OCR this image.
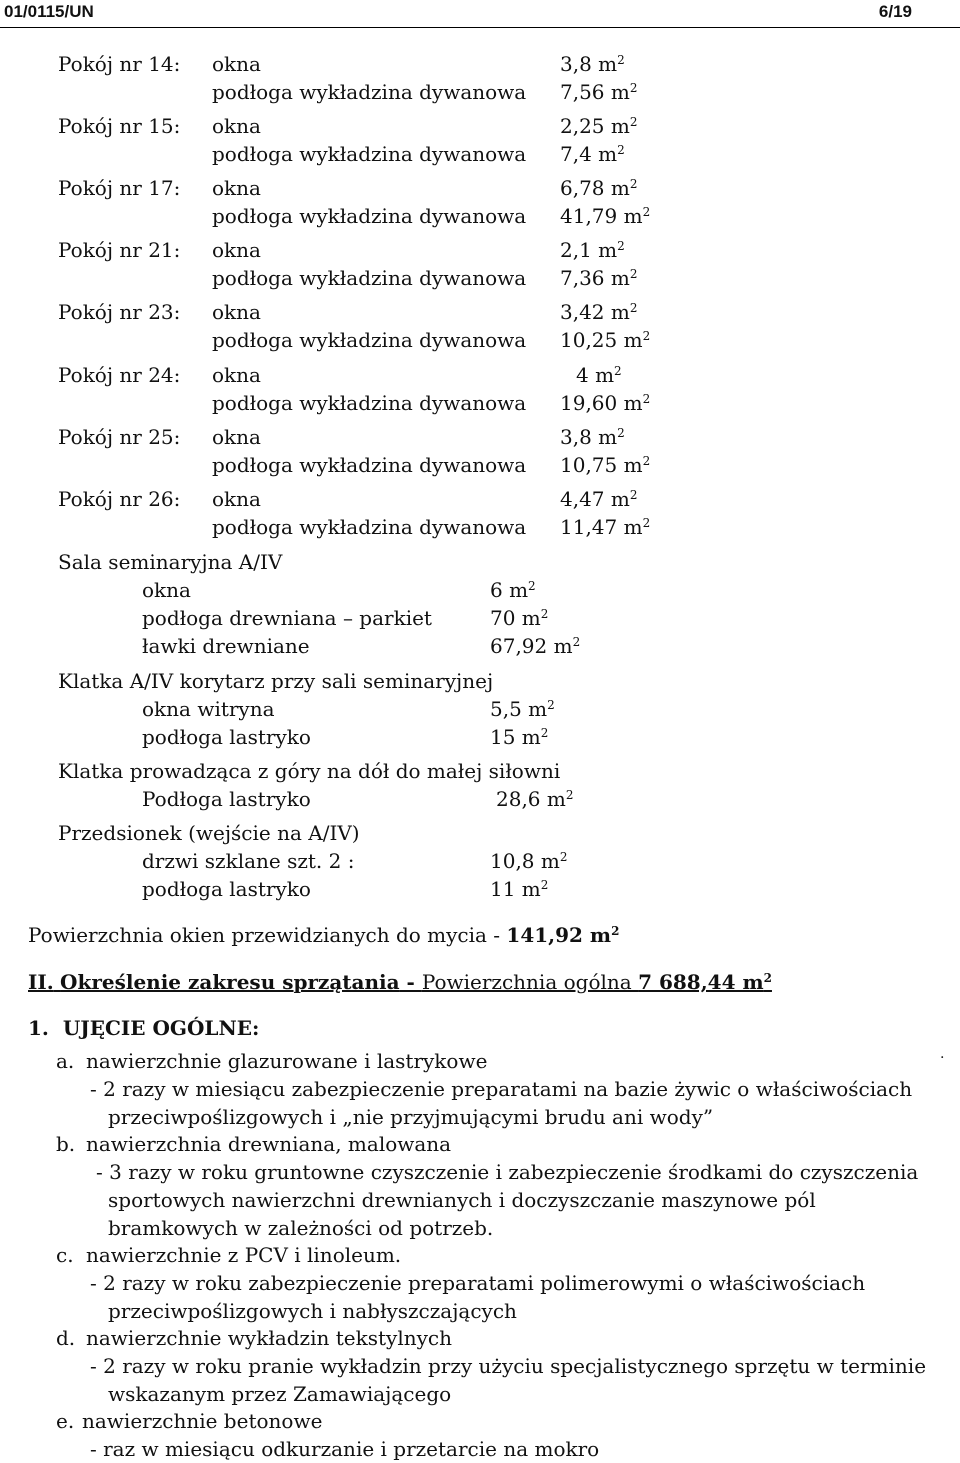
01/0115/UN	6/19
Pokój nr 14: okna	3,8 $m^2$
podłoga wykładzina dywanowa 7,56 $m^2$
Pokój nr 15: okna	2,25 $m^2$
podłoga wykładzina dywanowa 7,4 $m^2$
Pokój nr 17: okna	6,78 $m^2$
podłoga wykładzina dywanowa 41,79 $m^2$
Pokój nr 21: okna	2,1 $m^2$
podłoga wykładzina dywanowa 7,36 $m^2$
Pokój nr 23: okna	3,42 $m^2$
podłoga wykładzina dywanowa 10,25 $m^2$
Pokój nr 24: okna	4 $m^2$
podłoga wykładzina dywanowa 19,60 $m^2$
Pokój nr 25: okna	3,8 $m^2$
podłoga wykładzina dywanowa 10,75 $m^2$
Pokój nr 26: okna	4,47 $m^2$
podłoga wykładzina dywanowa 11,47 $m^2$
Sala seminaryjna A/IV
okna	6 $m^2$
podłoga drewniana – parkiet	70 $m^2$
ławki drewniane	67,92 $m^2$
Klatka A/IV korytarz przy sali seminaryjnej
okna witryna	5,5 $m^2$
podłoga lastryko	15 $m^2$
Klatka prowadząca z góry na dół do małej siłowni
Podłoga lastryko	28,6 $m^2$
Przedsionek (wejście na A/IV)
drzwi szklane szt. 2 :	10,8 $m^2$
podłoga lastryko	11 $m^2$
Powierzchnia okien przewidzianych do mycia - 141,92 $m^2$
II. Określenie zakresu sprzątania - Powierzchnia ogólna 7 688,44 $m^2$
1. UJĘCIE OGÓLNE:
a. nawierzchnie glazurowane i lastrykowe	.
- 2 razy w miesiącu zabezpieczenie preparatami na bazie żywic o właściwościach
przeciwpoślizgowych i „nie przyjmującymi brudu ani wody”
b. nawierzchnia drewniana, malowana
- 3 razy w roku gruntowne czyszczenie i zabezpieczenie środkami do czyszczenia
sportowych nawierzchni drewnianych i doczyszczanie maszynowe pól
bramkowych w zależności od potrzeb.
c. nawierzchnie z PCV i linoleum.
- 2 razy w roku zabezpieczenie preparatami polimerowymi o właściwościach
przeciwpoślizgowych i nabłyszczających
d. nawierzchnie wykładzin tekstylnych
- 2 razy w roku pranie wykładzin przy użyciu specjalistycznego sprzętu w terminie
wskazanym przez Zamawiającego
e. nawierzchnie betonowe
- raz w miesiącu odkurzanie i przetarcie na mokro
